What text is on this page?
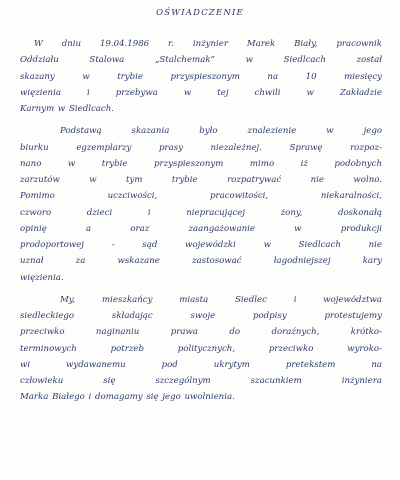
OŚWIADCZENIE
W dniu 19.04.1986 r. inżynier Marek Biały, pracownik
Oddziału Stalowa „Stalchemak” w Siedlcach został
skazany w trybie przyspieszonym na 10 miesięcy
więzienia i przebywa w tej chwili w Zakładzie
Karnym w Siedlcach.
Podstawą skazania było znalezienie w jego
biurku egzemplarzy prasy niezależnej. Sprawę rozpoz-
nano w trybie przyspieszonym mimo iż podobnych
zarzutów w tym trybie rozpatrywać nie wolno.
Pomimo uczciwości, pracowitości, niekaralności,
czworo dzieci i niepracującej żony, doskonałą
opinię a oraz zaangażowanie w produkcji
prodoportowej - sąd wojewódzki w Siedlcach nie
uznał za wskazane zastosować łagodniejszej kary
więzienia.
My, mieszkańcy miasta Siedlec i województwa
siedleckiego składając swoje podpisy protestujemy
przeciwko naginaniu prawa do doraźnych, krótko-
terminowych potrzeb politycznych, przeciwko wyroko-
wi wydawanemu pod ukrytym pretekstem na
człowieku się szczególnym szacunkiem inżyniera
Marka Białego i domagamy się jego uwolnienia.
